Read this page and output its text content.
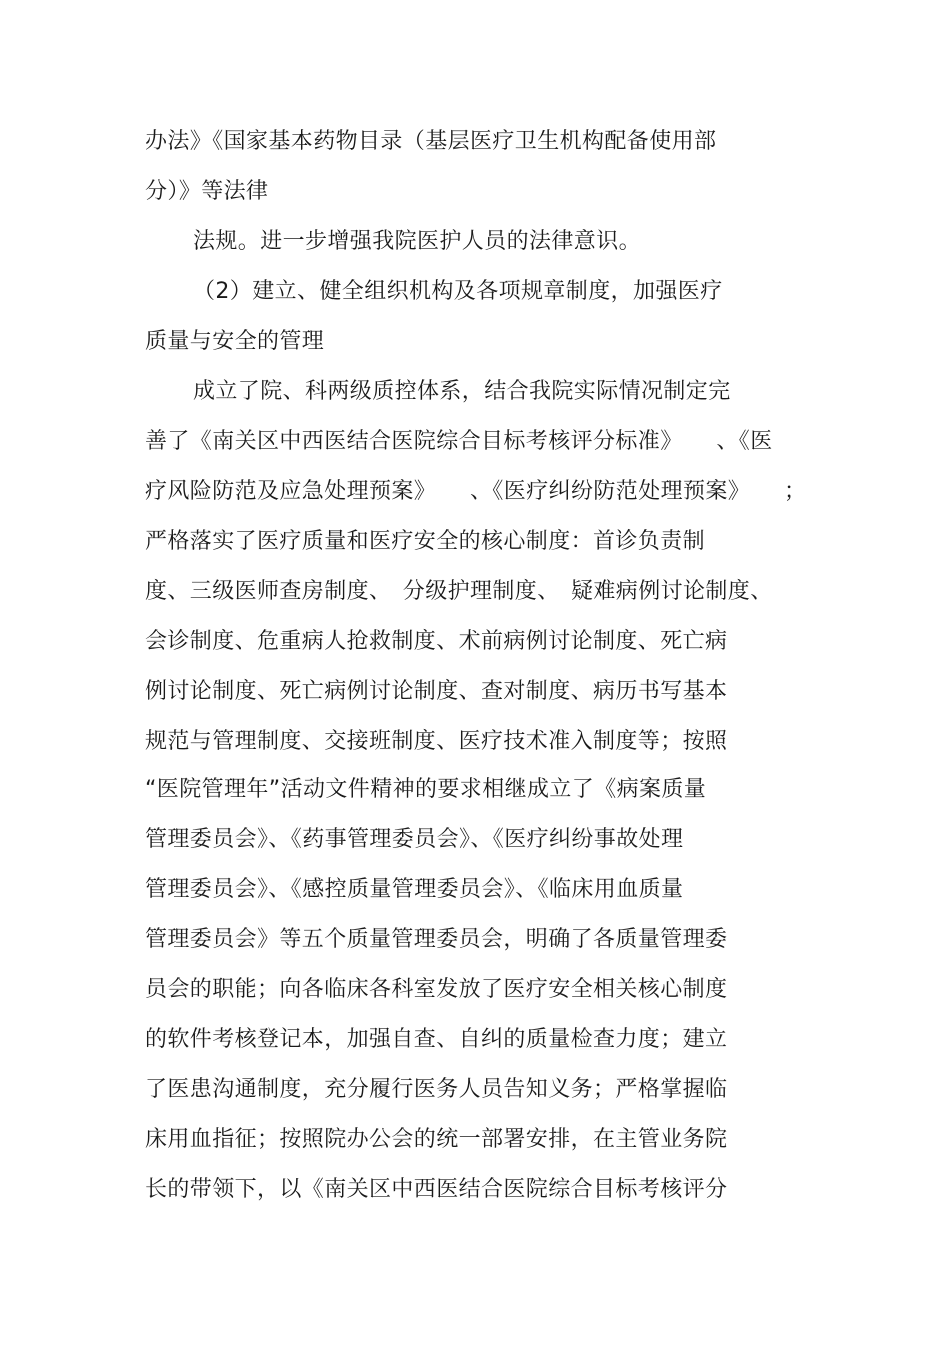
办法》《国家基本药物目录（基层医疗卫生机构配备使用部
分）》等法律
法规。进一步增强我院医护人员的法律意识。
（2）建立、健全组织机构及各项规章制度，加强医疗
质量与安全的管理
成立了院、科两级质控体系，结合我院实际情况制定完
善了《南关区中西医结合医院综合目标考核评分标准》　　、《医
疗风险防范及应急处理预案》　　、《医疗纠纷防范处理预案》　　；
严格落实了医疗质量和医疗安全的核心制度：首诊负责制
度、三级医师查房制度、　分级护理制度、　疑难病例讨论制度、
会诊制度、危重病人抢救制度、术前病例讨论制度、死亡病
例讨论制度、死亡病例讨论制度、查对制度、病历书写基本
规范与管理制度、交接班制度、医疗技术准入制度等；按照
“医院管理年”活动文件精神的要求相继成立了《病案质量
管理委员会》、《药事管理委员会》、《医疗纠纷事故处理
管理委员会》、《感控质量管理委员会》、《临床用血质量
管理委员会》等五个质量管理委员会，明确了各质量管理委
员会的职能；向各临床各科室发放了医疗安全相关核心制度
的软件考核登记本，加强自查、自纠的质量检查力度；建立
了医患沟通制度，充分履行医务人员告知义务；严格掌握临
床用血指征；按照院办公会的统一部署安排，在主管业务院
长的带领下，以《南关区中西医结合医院综合目标考核评分
